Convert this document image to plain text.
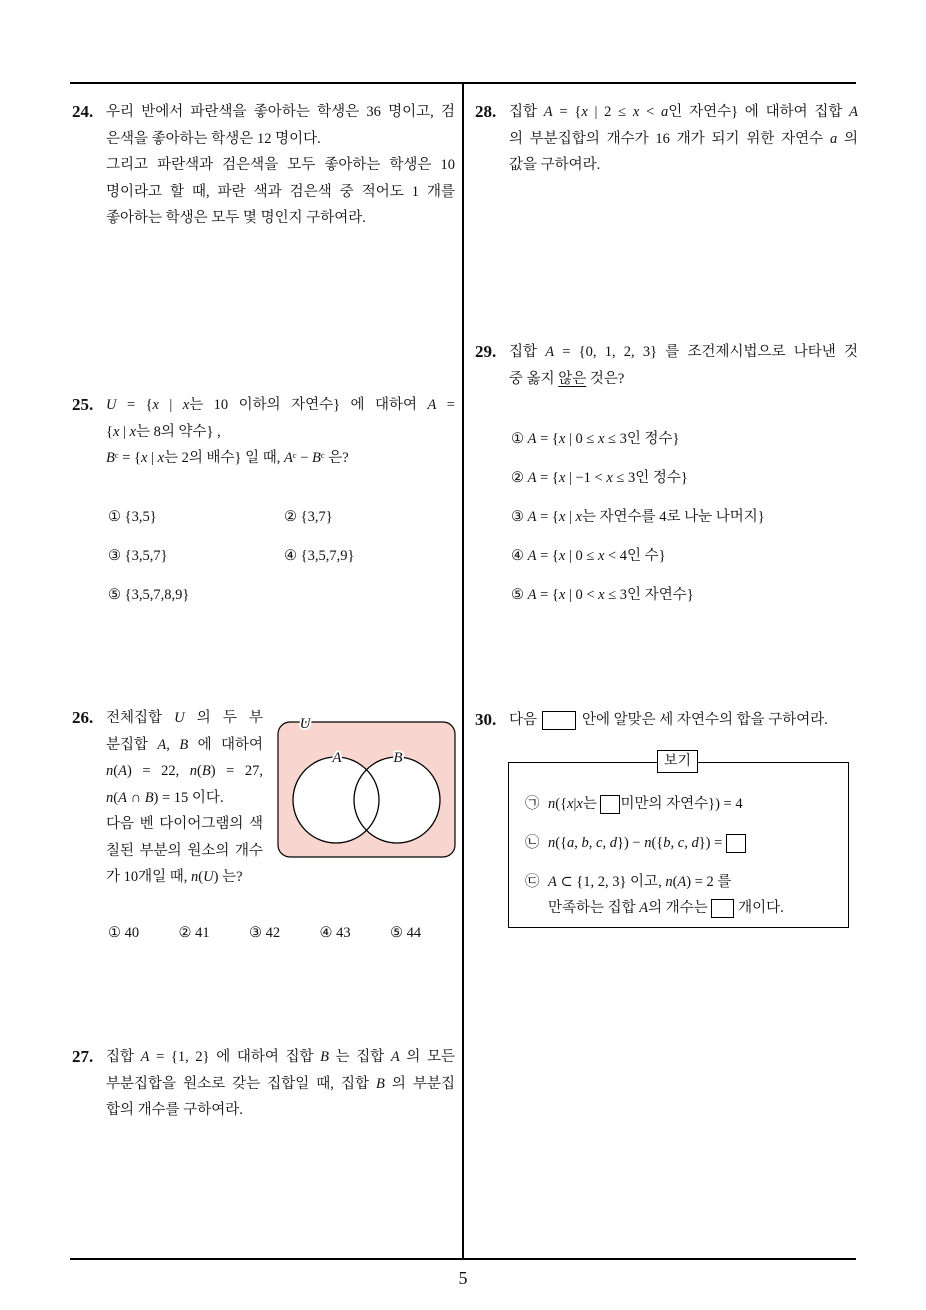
24. 우리 반에서 파란색을 좋아하는 학생은 36 명이고, 검
은색을 좋아하는 학생은 12 명이다.
그리고 파란색과 검은색을 모두 좋아하는 학생은 10
명이라고 할 때, 파란 색과 검은색 중 적어도 1 개를
좋아하는 학생은 모두 몇 명인지 구하여라.
25. U = {x | x는 10 이하의 자연수} 에 대하여 A =
{x | x는 8의 약수} ,
Bᶜ = {x | x는 2의 배수} 일 때, Aᶜ − Bᶜ 은?
① {3,5}	② {3,7}
③ {3,5,7}	④ {3,5,7,9}
⑤ {3,5,7,8,9}
26. 전체집합 U 의 두 부
분집합 A, B 에 대하여
n(A) = 22, n(B) = 27,
n(A ∩ B) = 15 이다.
다음 벤 다이어그램의 색
칠된 부분의 원소의 개수
가 10개일 때, n(U) 는?
U
A	B
① 40	② 41	③ 42	④ 43	⑤ 44
27. 집합 A = {1, 2} 에 대하여 집합 B 는 집합 A 의 모든
부분집합을 원소로 갖는 집합일 때, 집합 B 의 부분집
합의 개수를 구하여라.
28. 집합 A = {x | 2 ≤ x < a인 자연수} 에 대하여 집합 A
의 부분집합의 개수가 16 개가 되기 위한 자연수 a 의
값을 구하여라.
29. 집합 A = {0, 1, 2, 3} 를 조건제시법으로 나타낸 것
중 옳지 않은 것은?
① A = {x | 0 ≤ x ≤ 3인 정수}
② A = {x | −1 < x ≤ 3인 정수}
③ A = {x | x는 자연수를 4로 나눈 나머지}
④ A = {x | 0 ≤ x < 4인 수}
⑤ A = {x | 0 < x ≤ 3인 자연수}
30. 다음	안에 알맞은 세 자연수의 합을 구하여라.
보기
㉠ n({x|x는 미만의 자연수}) = 4
㉡ n({a, b, c, d}) − n({b, c, d}) =
㉢ A ⊂ {1, 2, 3} 이고, n(A) = 2 를
만족하는 집합 A의 개수는  개이다.
5
